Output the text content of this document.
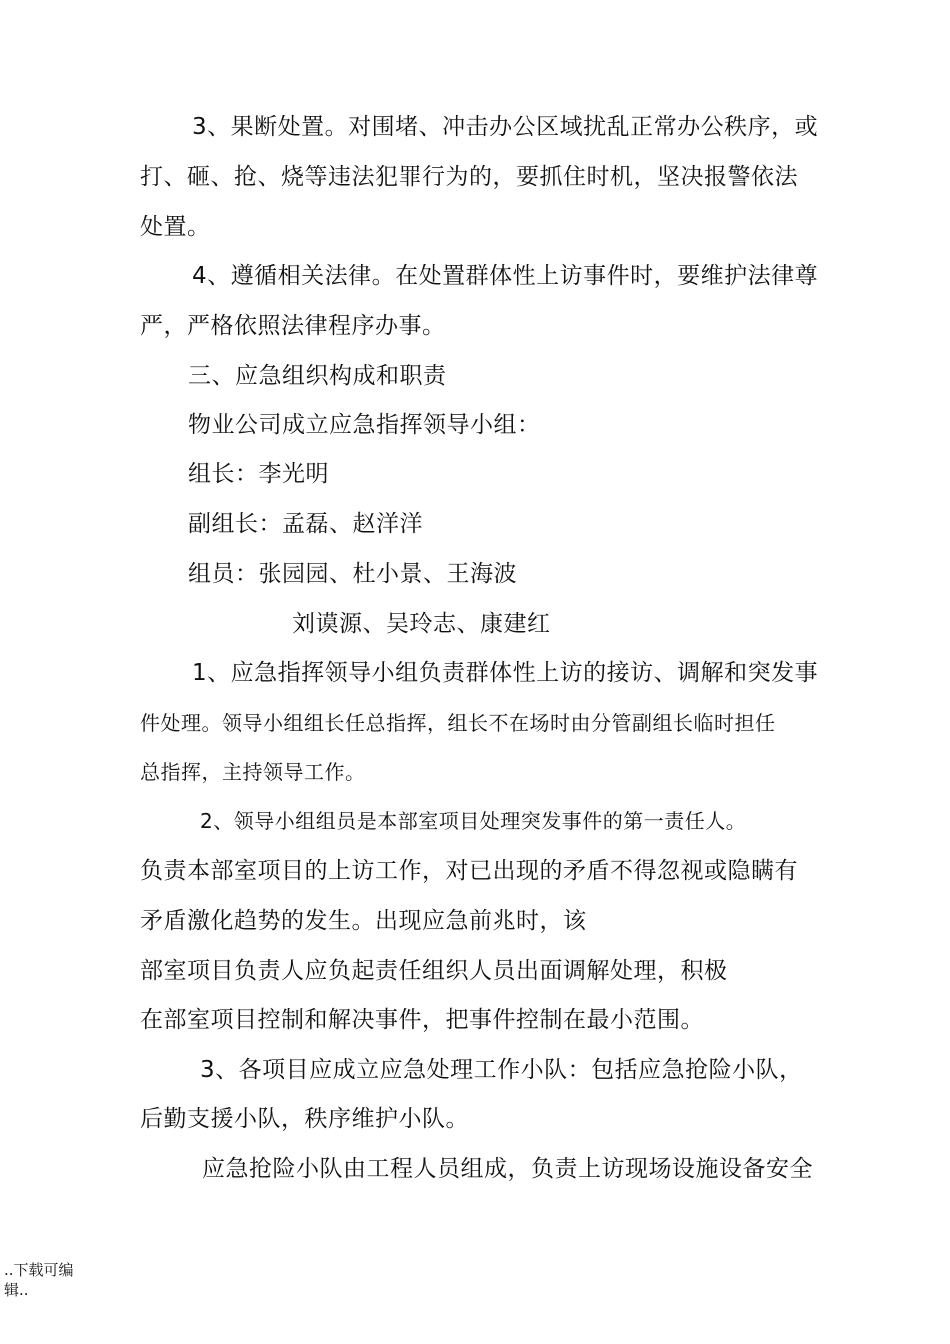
3、果断处置。对围堵、冲击办公区域扰乱正常办公秩序，或

打、砸、抢、烧等违法犯罪行为的，要抓住时机，坚决报警依法

处置。

4、遵循相关法律。在处置群体性上访事件时，要维护法律尊

严，严格依照法律程序办事。

三、应急组织构成和职责

物业公司成立应急指挥领导小组：

组长：李光明

副组长：孟磊、赵洋洋

组员：张园园、杜小景、王海波

刘谟源、吴玲志、康建红

1、应急指挥领导小组负责群体性上访的接访、调解和突发事

件处理。领导小组组长任总指挥，组长不在场时由分管副组长临时担任

总指挥，主持领导工作。

2、领导小组组员是本部室项目处理突发事件的第一责任人。

负责本部室项目的上访工作，对已出现的矛盾不得忽视或隐瞒有

矛盾激化趋势的发生。出现应急前兆时，该

部室项目负责人应负起责任组织人员出面调解处理，积极

在部室项目控制和解决事件，把事件控制在最小范围。

3、各项目应成立应急处理工作小队：包括应急抢险小队，

后勤支援小队，秩序维护小队。

应急抢险小队由工程人员组成，负责上访现场设施设备安全

..下载可编
辑..
